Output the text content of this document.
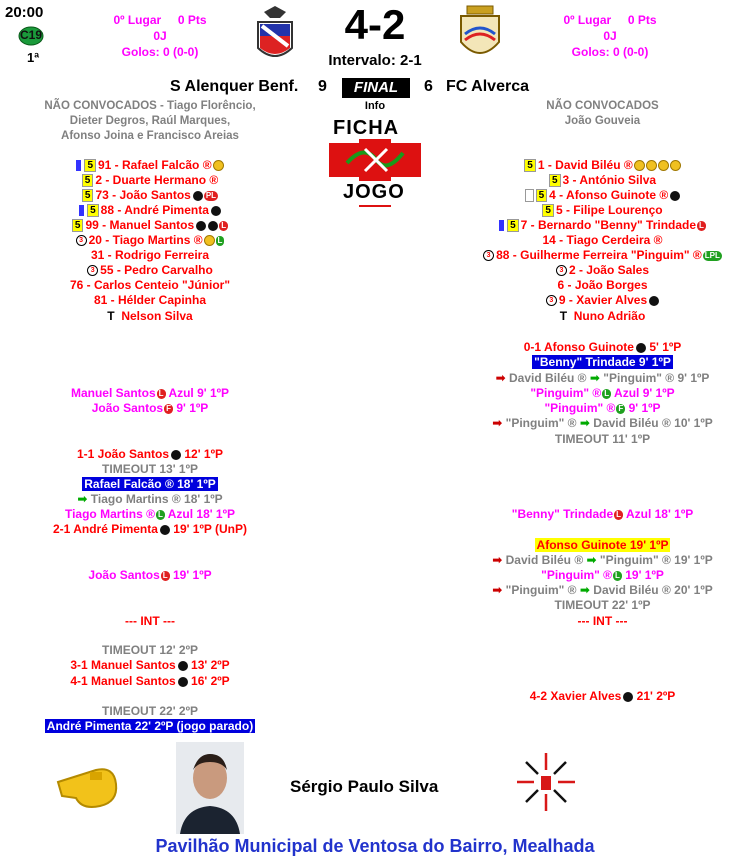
20:00
C19
1ª
0º Lugar 0 Pts
0J
Golos: 0 (0-0)
0º Lugar 0 Pts
0J
Golos: 0 (0-0)
4-2
Intervalo: 2-1
S Alenquer Benf. 9	FINAL	6 FC Alverca
Info
FICHA
JOGO
NÃO CONVOCADOS - Tiago Florêncio,
Dieter Degros, Raúl Marques,
Afonso Joina e Francisco Areias
NÃO CONVOCADOS
João Gouveia
5 91 - Rafael Falcão ®
5 2 - Duarte Hermano ®
5 73 - João Santos PL
5 88 - André Pimenta
5 99 - Manuel Santos	L
3 20 - Tiago Martins ® L
31 - Rodrigo Ferreira
3 55 - Pedro Carvalho
76 - Carlos Centeio "Júnior"
81 - Hélder Capinha
T Nelson Silva
5 1 - David Biléu ®
5 3 - António Silva
5 4 - Afonso Guinote ®
5 5 - Filipe Lourenço
5 7 - Bernardo "Benny" Trindade L
14 - Tiago Cerdeira ®
3 88 - Guilherme Ferreira "Pinguim" ® LPL
3 2 - João Sales
6 - João Borges
3 9 - Xavier Alves
T Nuno Adrião
0-1 Afonso Guinote 5' 1ºP
"Benny" Trindade 9' 1ºP
➡ David Biléu ® ➡ "Pinguim" ® 9' 1ºP
"Pinguim" ® L Azul 9' 1ºP
"Pinguim" ® F 9' 1ºP
➡ "Pinguim" ® ➡ David Biléu ® 10' 1ºP
TIMEOUT 11' 1ºP
Manuel Santos L Azul 9' 1ºP
João Santos F 9' 1ºP
1-1 João Santos 12' 1ºP
TIMEOUT 13' 1ºP
Rafael Falcão ® 18' 1ºP
➡ Tiago Martins ® 18' 1ºP
Tiago Martins ® L Azul 18' 1ºP
2-1 André Pimenta 19' 1ºP (UnP)
"Benny" Trindade L Azul 18' 1ºP
Afonso Guinote 19' 1ºP
➡ David Biléu ® ➡ "Pinguim" ® 19' 1ºP
"Pinguim" ® L 19' 1ºP
➡ "Pinguim" ® ➡ David Biléu ® 20' 1ºP
TIMEOUT 22' 1ºP
--- INT ---
João Santos L 19' 1ºP
--- INT ---
TIMEOUT 12' 2ºP
3-1 Manuel Santos 13' 2ºP
4-1 Manuel Santos 16' 2ºP
4-2 Xavier Alves 21' 2ºP
TIMEOUT 22' 2ºP
André Pimenta 22' 2ºP (jogo parado)
Sérgio Paulo Silva
Pavilhão Municipal de Ventosa do Bairro, Mealhada
